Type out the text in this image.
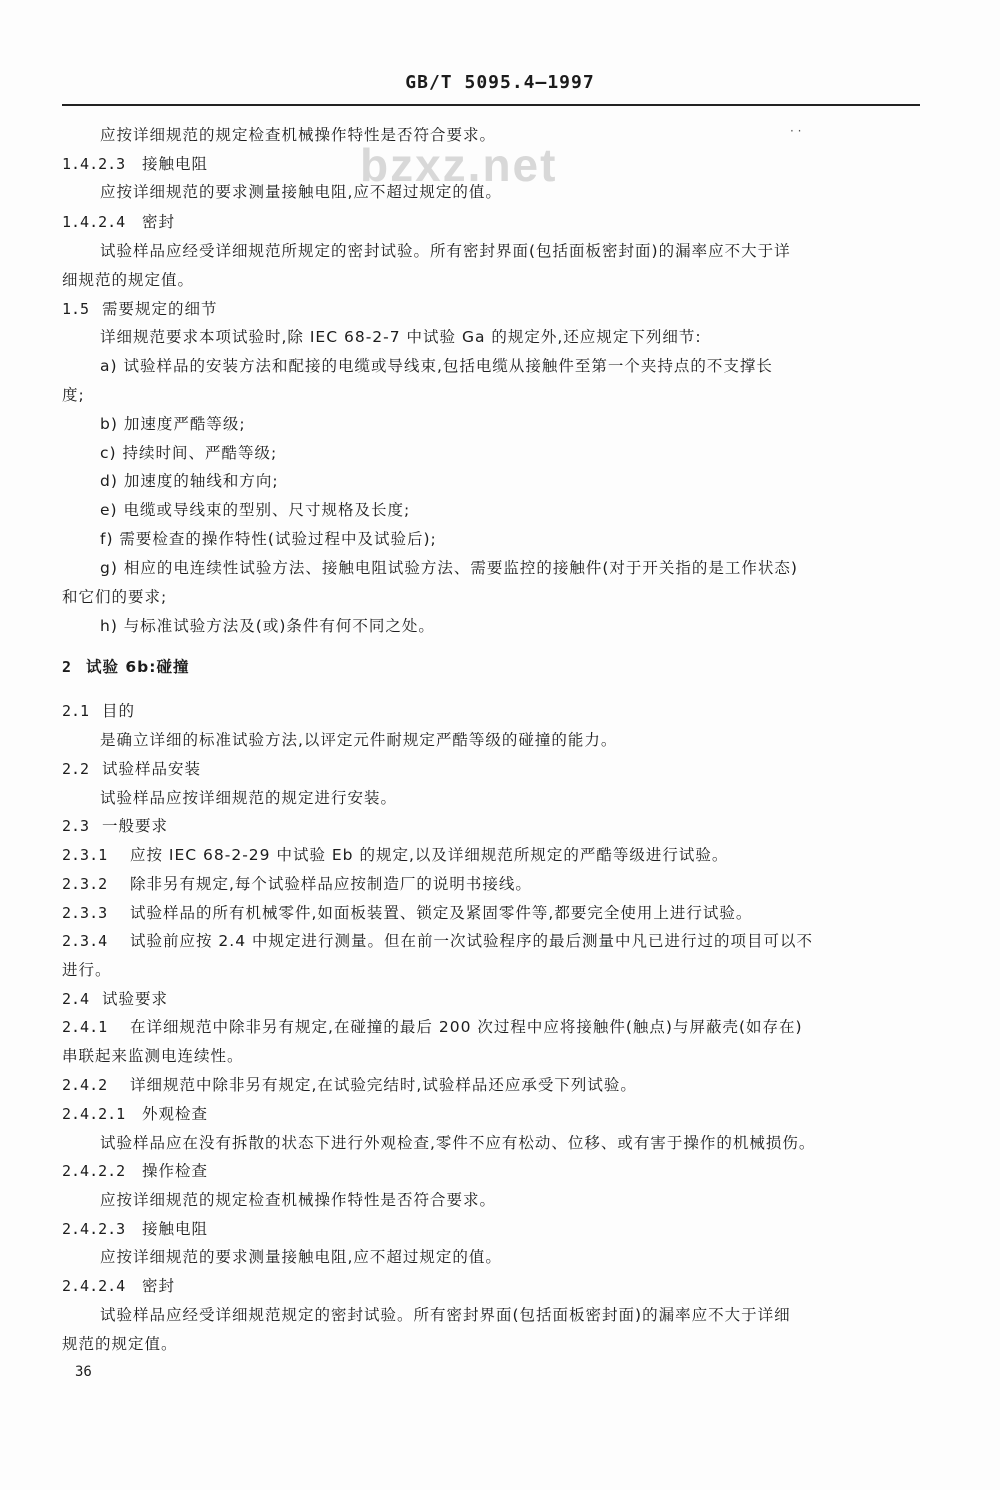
GB/T 5095.4—1997
bzxz.net
· ·
应按详细规范的规定检查机械操作特性是否符合要求。
1.4.2.3 接触电阻
应按详细规范的要求测量接触电阻,应不超过规定的值。
1.4.2.4 密封
试验样品应经受详细规范所规定的密封试验。所有密封界面(包括面板密封面)的漏率应不大于详
细规范的规定值。
1.5 需要规定的细节
详细规范要求本项试验时,除 IEC 68-2-7 中试验 Ga 的规定外,还应规定下列细节:
a) 试验样品的安装方法和配接的电缆或导线束,包括电缆从接触件至第一个夹持点的不支撑长
度;
b) 加速度严酷等级;
c) 持续时间、严酷等级;
d) 加速度的轴线和方向;
e) 电缆或导线束的型别、尺寸规格及长度;
f) 需要检查的操作特性(试验过程中及试验后);
g) 相应的电连续性试验方法、接触电阻试验方法、需要监控的接触件(对于开关指的是工作状态)
和它们的要求;
h) 与标准试验方法及(或)条件有何不同之处。
2 试验 6b:碰撞
2.1 目的
是确立详细的标准试验方法,以评定元件耐规定严酷等级的碰撞的能力。
2.2 试验样品安装
试验样品应按详细规范的规定进行安装。
2.3 一般要求
2.3.1 应按 IEC 68-2-29 中试验 Eb 的规定,以及详细规范所规定的严酷等级进行试验。
2.3.2 除非另有规定,每个试验样品应按制造厂的说明书接线。
2.3.3 试验样品的所有机械零件,如面板装置、锁定及紧固零件等,都要完全使用上进行试验。
2.3.4 试验前应按 2.4 中规定进行测量。但在前一次试验程序的最后测量中凡已进行过的项目可以不
进行。
2.4 试验要求
2.4.1 在详细规范中除非另有规定,在碰撞的最后 200 次过程中应将接触件(触点)与屏蔽壳(如存在)
串联起来监测电连续性。
2.4.2 详细规范中除非另有规定,在试验完结时,试验样品还应承受下列试验。
2.4.2.1 外观检查
试验样品应在没有拆散的状态下进行外观检查,零件不应有松动、位移、或有害于操作的机械损伤。
2.4.2.2 操作检查
应按详细规范的规定检查机械操作特性是否符合要求。
2.4.2.3 接触电阻
应按详细规范的要求测量接触电阻,应不超过规定的值。
2.4.2.4 密封
试验样品应经受详细规范规定的密封试验。所有密封界面(包括面板密封面)的漏率应不大于详细
规范的规定值。
36
